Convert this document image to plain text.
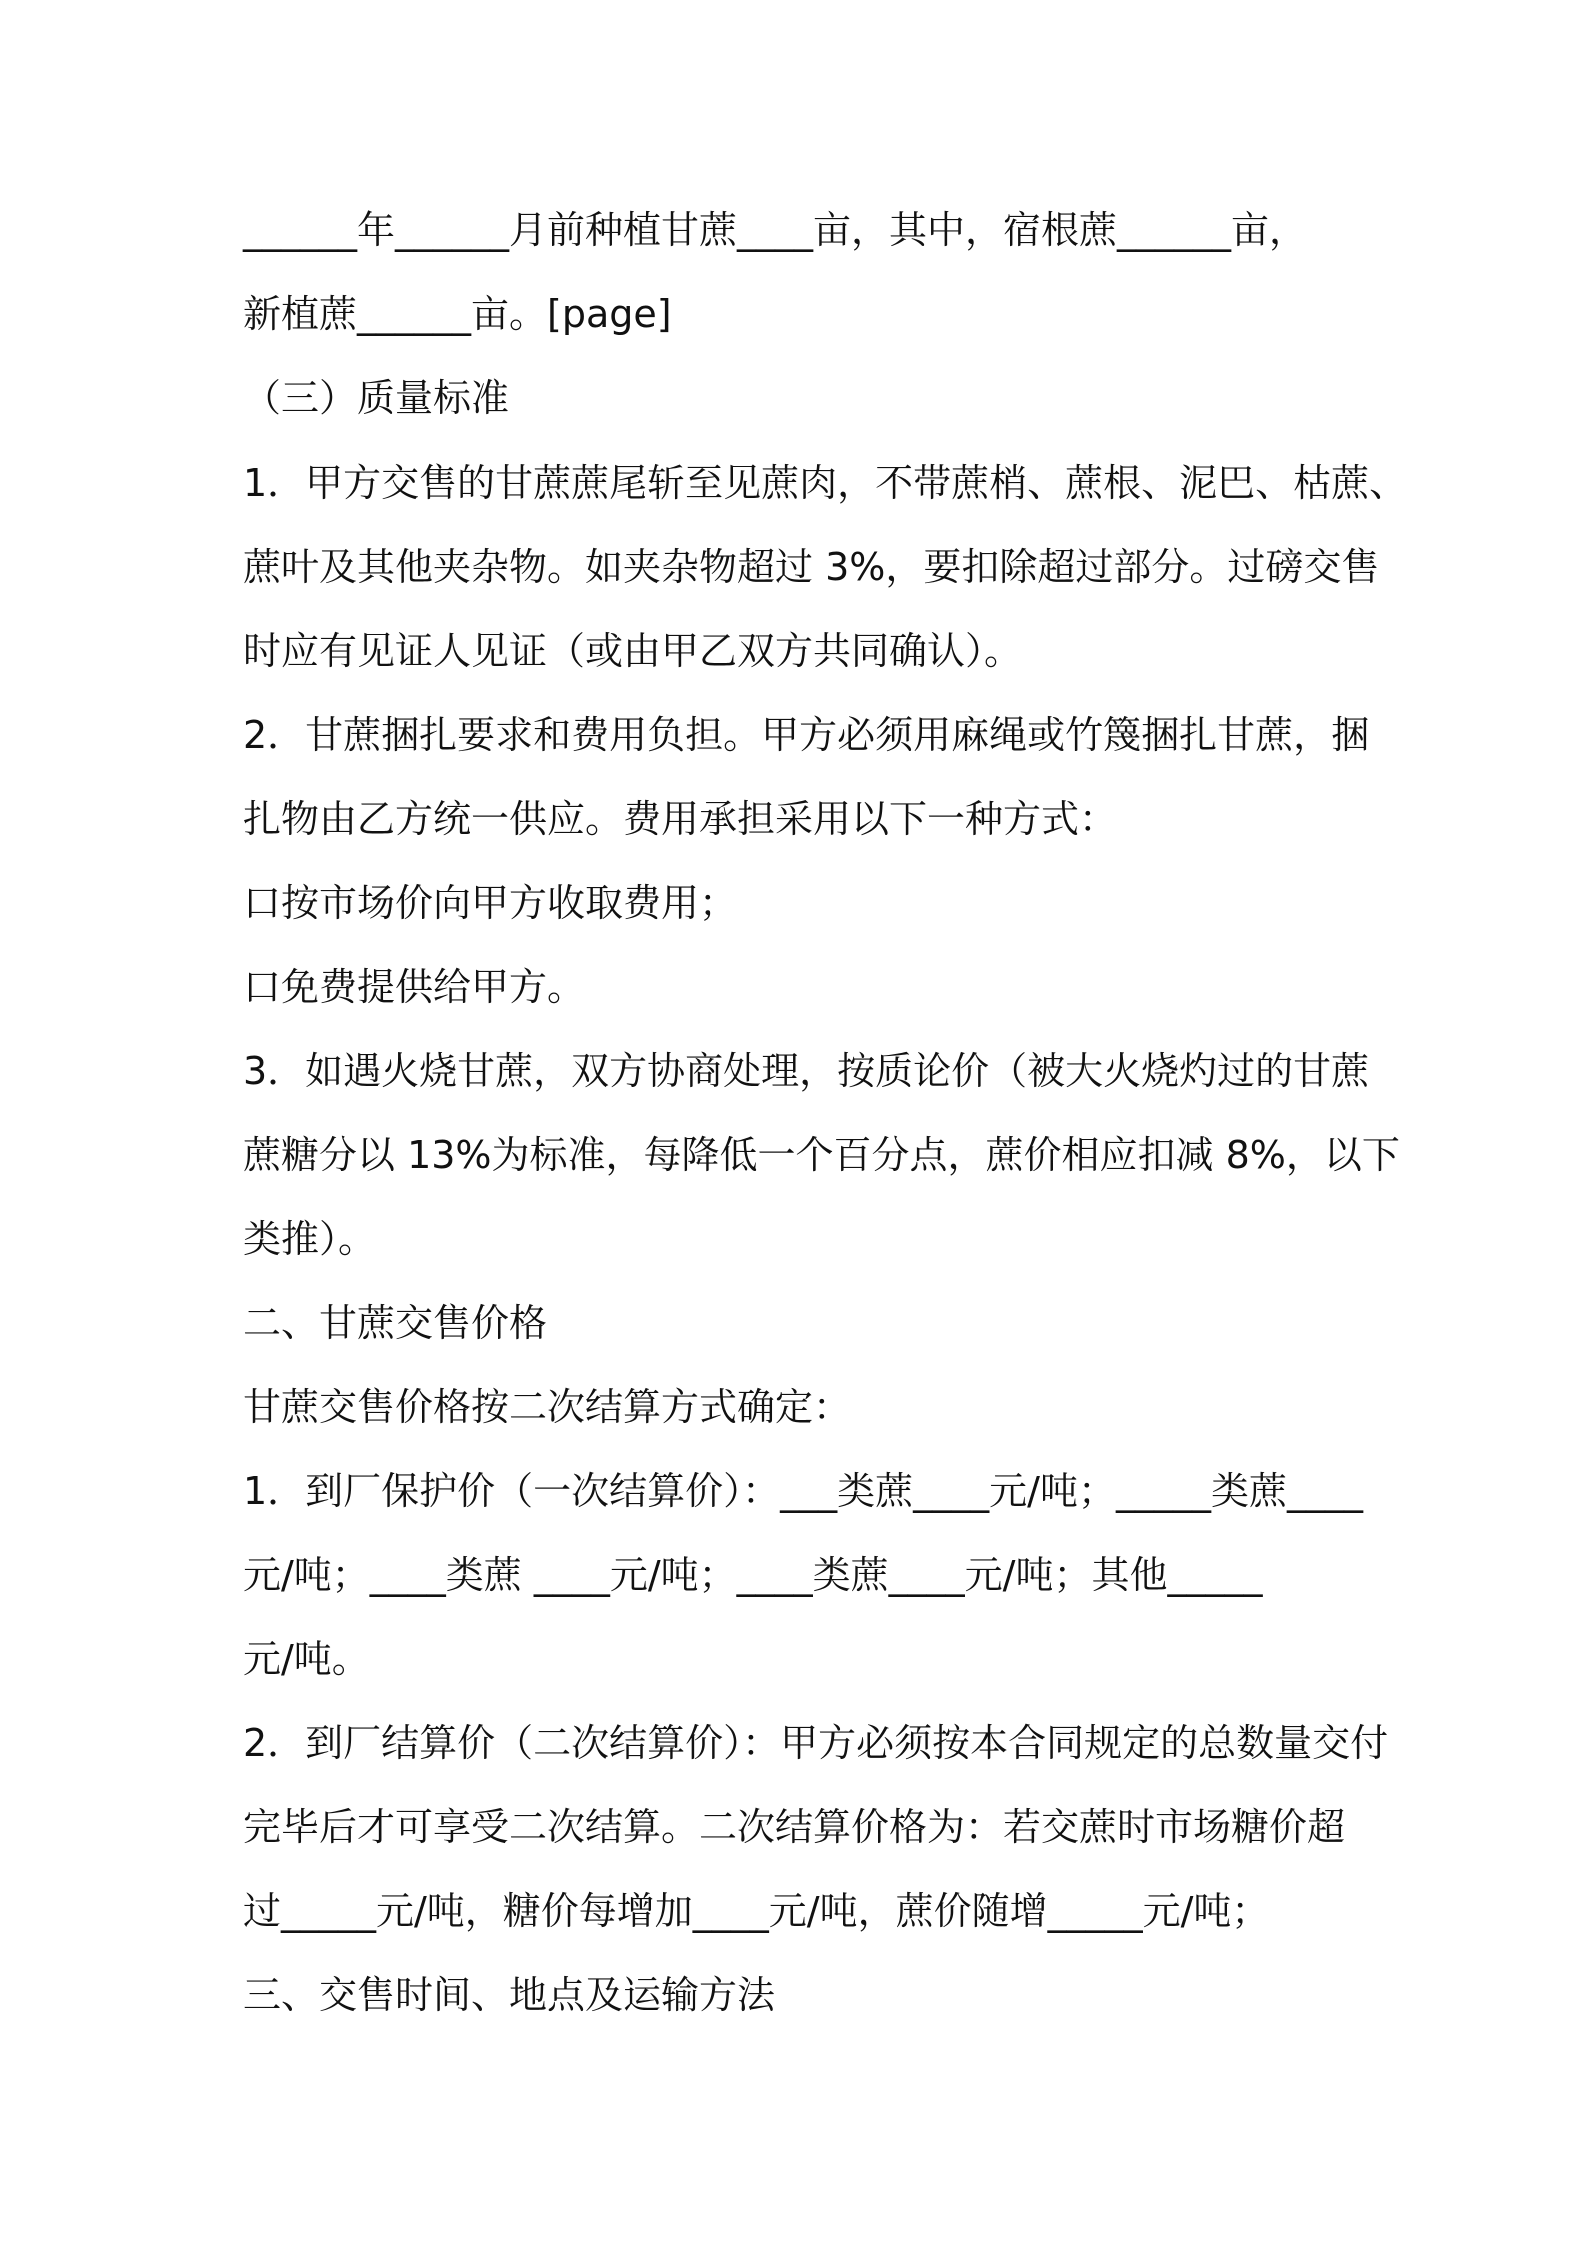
______年______月前种植甘蔗____亩，其中，宿根蔗______亩，
新植蔗______亩。[page]
（三）质量标准
1．甲方交售的甘蔗蔗尾斩至见蔗肉，不带蔗梢、蔗根、泥巴、枯蔗、
蔗叶及其他夹杂物。如夹杂物超过 3%，要扣除超过部分。过磅交售
时应有见证人见证（或由甲乙双方共同确认）。
2．甘蔗捆扎要求和费用负担。甲方必须用麻绳或竹篾捆扎甘蔗，捆
扎物由乙方统一供应。费用承担采用以下一种方式：
口按市场价向甲方收取费用；
口免费提供给甲方。
3．如遇火烧甘蔗，双方协商处理，按质论价（被大火烧灼过的甘蔗
蔗糖分以 13%为标准，每降低一个百分点，蔗价相应扣减 8%，以下
类推）。
二、甘蔗交售价格
甘蔗交售价格按二次结算方式确定：
1．到厂保护价（一次结算价）：___类蔗____元/吨；_____类蔗____
元/吨；____类蔗 ____元/吨；____类蔗____元/吨；其他_____
元/吨。
2．到厂结算价（二次结算价）：甲方必须按本合同规定的总数量交付
完毕后才可享受二次结算。二次结算价格为：若交蔗时市场糖价超
过_____元/吨，糖价每增加____元/吨，蔗价随增_____元/吨；
三、交售时间、地点及运输方法
